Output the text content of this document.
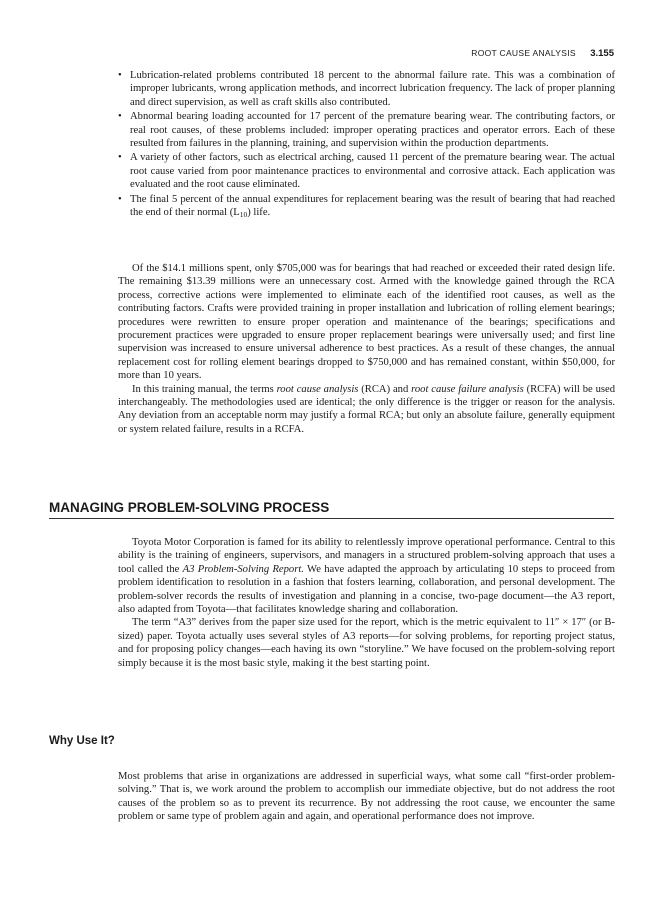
ROOT CAUSE ANALYSIS 3.155
• Lubrication-related problems contributed 18 percent to the abnormal failure rate. This was a combination of improper lubricants, wrong application methods, and incorrect lubrication frequency. The lack of proper planning and direct supervision, as well as craft skills also contributed.
• Abnormal bearing loading accounted for 17 percent of the premature bearing wear. The contributing factors, or real root causes, of these problems included: improper operating practices and operator errors. Each of these resulted from failures in the planning, training, and supervision within the production departments.
• A variety of other factors, such as electrical arching, caused 11 percent of the premature bearing wear. The actual root cause varied from poor maintenance practices to environmental and corrosive attack. Each application was evaluated and the root cause eliminated.
• The final 5 percent of the annual expenditures for replacement bearing was the result of bearing that had reached the end of their normal $(L_{10})$ life.

Of the $14.1 millions spent, only $705,000 was for bearings that had reached or exceeded their rated design life. The remaining $13.39 millions were an unnecessary cost. Armed with the knowledge gained through the RCA process, corrective actions were implemented to eliminate each of the identified root causes, as well as the contributing factors. Crafts were provided training in proper installation and lubrication of rolling element bearings; procedures were rewritten to ensure proper operation and maintenance of the bearings; specifications and procurement practices were upgraded to ensure proper replacement bearings were universally used; and first line supervision was increased to ensure universal adherence to best practices. As a result of these changes, the annual replacement cost for rolling element bearings dropped to $750,000 and has remained constant, within $50,000, for more than 10 years.

In this training manual, the terms root cause analysis (RCA) and root cause failure analysis (RCFA) will be used interchangeably. The methodologies used are identical; the only difference is the trigger or reason for the analysis. Any deviation from an acceptable norm may justify a formal RCA; but only an absolute failure, generally equipment or system related failure, results in a RCFA.

MANAGING PROBLEM-SOLVING PROCESS

Toyota Motor Corporation is famed for its ability to relentlessly improve operational performance. Central to this ability is the training of engineers, supervisors, and managers in a structured problem-solving approach that uses a tool called the A3 Problem-Solving Report. We have adapted the approach by articulating 10 steps to proceed from problem identification to resolution in a fashion that fosters learning, collaboration, and personal development. The problem-solver records the results of investigation and planning in a concise, two-page document—the A3 report, also adapted from Toyota—that facilitates knowledge sharing and collaboration.

The term “A3” derives from the paper size used for the report, which is the metric equivalent to 11″ × 17″ (or B-sized) paper. Toyota actually uses several styles of A3 reports—for solving problems, for reporting project status, and for proposing policy changes—each having its own “storyline.” We have focused on the problem-solving report simply because it is the most basic style, making it the best starting point.

Why Use It?

Most problems that arise in organizations are addressed in superficial ways, what some call “first-order problem-solving.” That is, we work around the problem to accomplish our immediate objective, but do not address the root causes of the problem so as to prevent its recurrence. By not addressing the root cause, we encounter the same problem or same type of problem again and again, and operational performance does not improve.
